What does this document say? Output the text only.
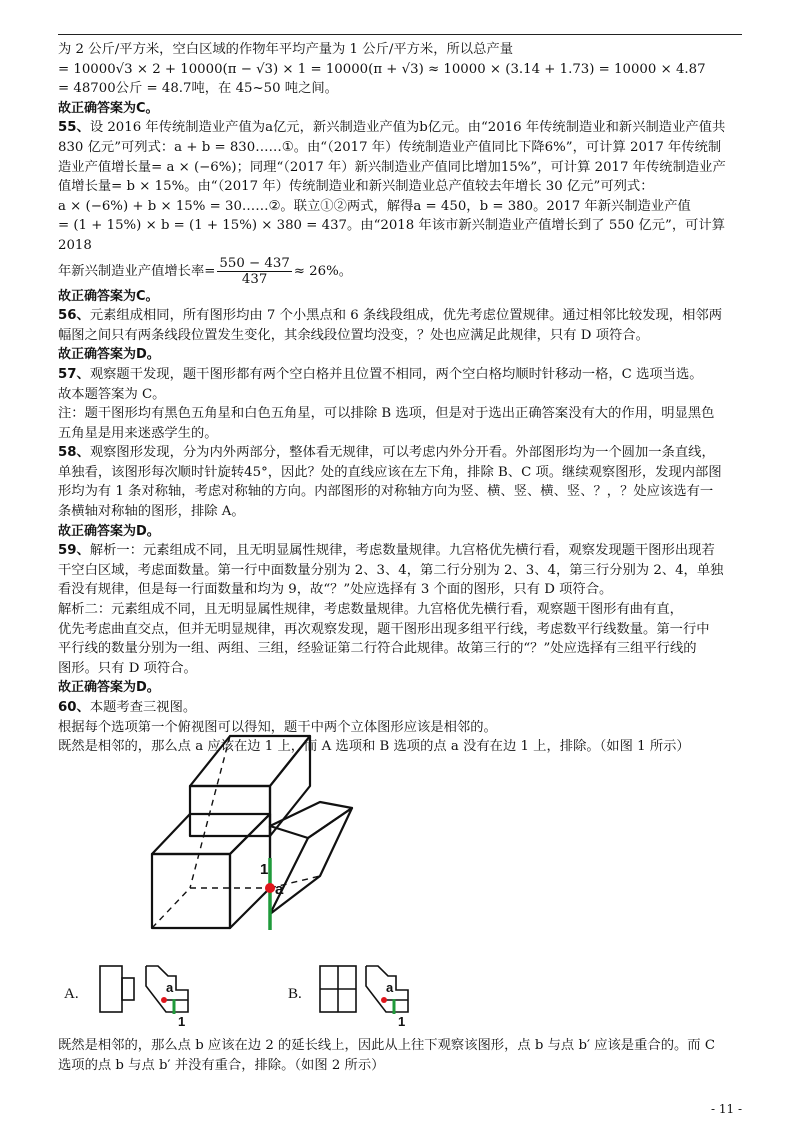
为 2 公斤/平方米，空白区域的作物年平均产量为 1 公斤/平方米，所以总产量

= 10000√3 × 2 + 10000(π − √3) × 1 = 10000(π + √3) ≈ 10000 × (3.14 + 1.73) = 10000 × 4.87

= 48700公斤 = 48.7吨，在 45~50 吨之间。

故正确答案为C。

55、设 2016 年传统制造业产值为a亿元，新兴制造业产值为b亿元。由“2016 年传统制造业和新兴制造业产值共

830 亿元”可列式：a + b = 830……①。由“（2017 年）传统制造业产值同比下降6%”，可计算 2017 年传统制

造业产值增长量= a × (−6%)；同理“（2017 年）新兴制造业产值同比增加15%”，可计算 2017 年传统制造业产

值增长量= b × 15%。由“（2017 年）传统制造业和新兴制造业总产值较去年增长 30 亿元”可列式：

a × (−6%) + b × 15% = 30……②。联立①②两式，解得a = 450，b = 380。2017 年新兴制造业产值

= (1 + 15%) × b = (1 + 15%) × 380 = 437。由“2018 年该市新兴制造业产值增长到了 550 亿元”，可计算 2018

年新兴制造业产值增长率= $\frac{550 - 437}{437} \approx 26\%$。

故正确答案为C。

56、元素组成相同，所有图形均由 7 个小黑点和 6 条线段组成，优先考虑位置规律。通过相邻比较发现，相邻两

幅图之间只有两条线段位置发生变化，其余线段位置均没变，？处也应满足此规律，只有 D 项符合。

故正确答案为D。

57、观察题干发现，题干图形都有两个空白格并且位置不相同，两个空白格均顺时针移动一格，C 选项当选。

故本题答案为 C。

注：题干图形均有黑色五角星和白色五角星，可以排除 B 选项，但是对于选出正确答案没有大的作用，明显黑色

五角星是用来迷惑学生的。

58、观察图形发现，分为内外两部分，整体看无规律，可以考虑内外分开看。外部图形均为一个圆加一条直线，

单独看，该图形每次顺时针旋转45°，因此？处的直线应该在左下角，排除 B、C 项。继续观察图形，发现内部图

形均为有 1 条对称轴，考虑对称轴的方向。内部图形的对称轴方向为竖、横、竖、横、竖、？，？处应该选有一

条横轴对称轴的图形，排除 A。

故正确答案为D。

59、解析一：元素组成不同，且无明显属性规律，考虑数量规律。九宫格优先横行看，观察发现题干图形出现若

干空白区域，考虑面数量。第一行中面数量分别为 2、3、4，第二行分别为 2、3、4，第三行分别为 2、4，单独

看没有规律，但是每一行面数量和均为 9，故“？”处应选择有 3 个面的图形，只有 D 项符合。

解析二：元素组成不同，且无明显属性规律，考虑数量规律。九宫格优先横行看，观察题干图形有曲有直，

优先考虑曲直交点，但并无明显规律，再次观察发现，题干图形出现多组平行线，考虑数平行线数量。第一行中

平行线的数量分别为一组、两组、三组，经验证第二行符合此规律。故第三行的“？”处应选择有三组平行线的

图形。只有 D 项符合。

故正确答案为D。

60、本题考查三视图。

根据每个选项第一个俯视图可以得知，题干中两个立体图形应该是相邻的。

既然是相邻的，那么点 a 应该在边 1 上，而 A 选项和 B 选项的点 a 没有在边 1 上，排除。（如图 1 所示）

1
a
A.	a
1
B.	a
1

既然是相邻的，那么点 b 应该在边 2 的延长线上，因此从上往下观察该图形，点 b 与点 b′ 应该是重合的。而 C

选项的点 b 与点 b′ 并没有重合，排除。（如图 2 所示）

- 11 -
